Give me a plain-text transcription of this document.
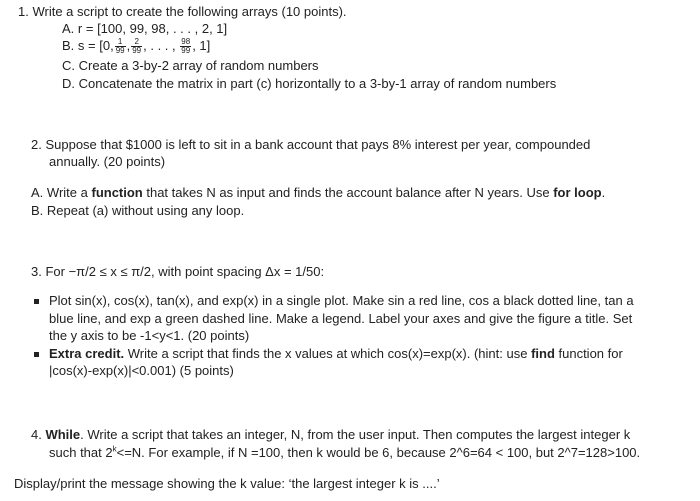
1. Write a script to create the following arrays (10 points).
A. r = [100, 99, 98, . . . , 2, 1]
B. s = [0, $\frac{1}{99}$ , $\frac{2}{99}$ , . . . , $\frac{98}{99}$ , 1]
C. Create a 3-by-2 array of random numbers
D. Concatenate the matrix in part (c) horizontally to a 3-by-1 array of random numbers
2. Suppose that $1000 is left to sit in a bank account that pays 8% interest per year, compounded
annually. (20 points)
A. Write a function that takes N as input and finds the account balance after N years. Use for loop.
B. Repeat (a) without using any loop.
3. For −π/2 ≤ x ≤ π/2, with point spacing Δx = 1/50:
Plot sin(x), cos(x), tan(x), and exp(x) in a single plot. Make sin a red line, cos a black dotted line, tan a
blue line, and exp a green dashed line. Make a legend. Label your axes and give the figure a title. Set
the y axis to be -1<y<1. (20 points)
Extra credit. Write a script that finds the x values at which cos(x)=exp(x). (hint: use find function for
|cos(x)-exp(x)|<0.001) (5 points)
4. While. Write a script that takes an integer, N, from the user input. Then computes the largest integer k
such that $2^k<=N$. For example, if N =100, then k would be 6, because 2^6=64 < 100, but 2^7=128>100.
Display/print the message showing the k value: ‘the largest integer k is ....’
